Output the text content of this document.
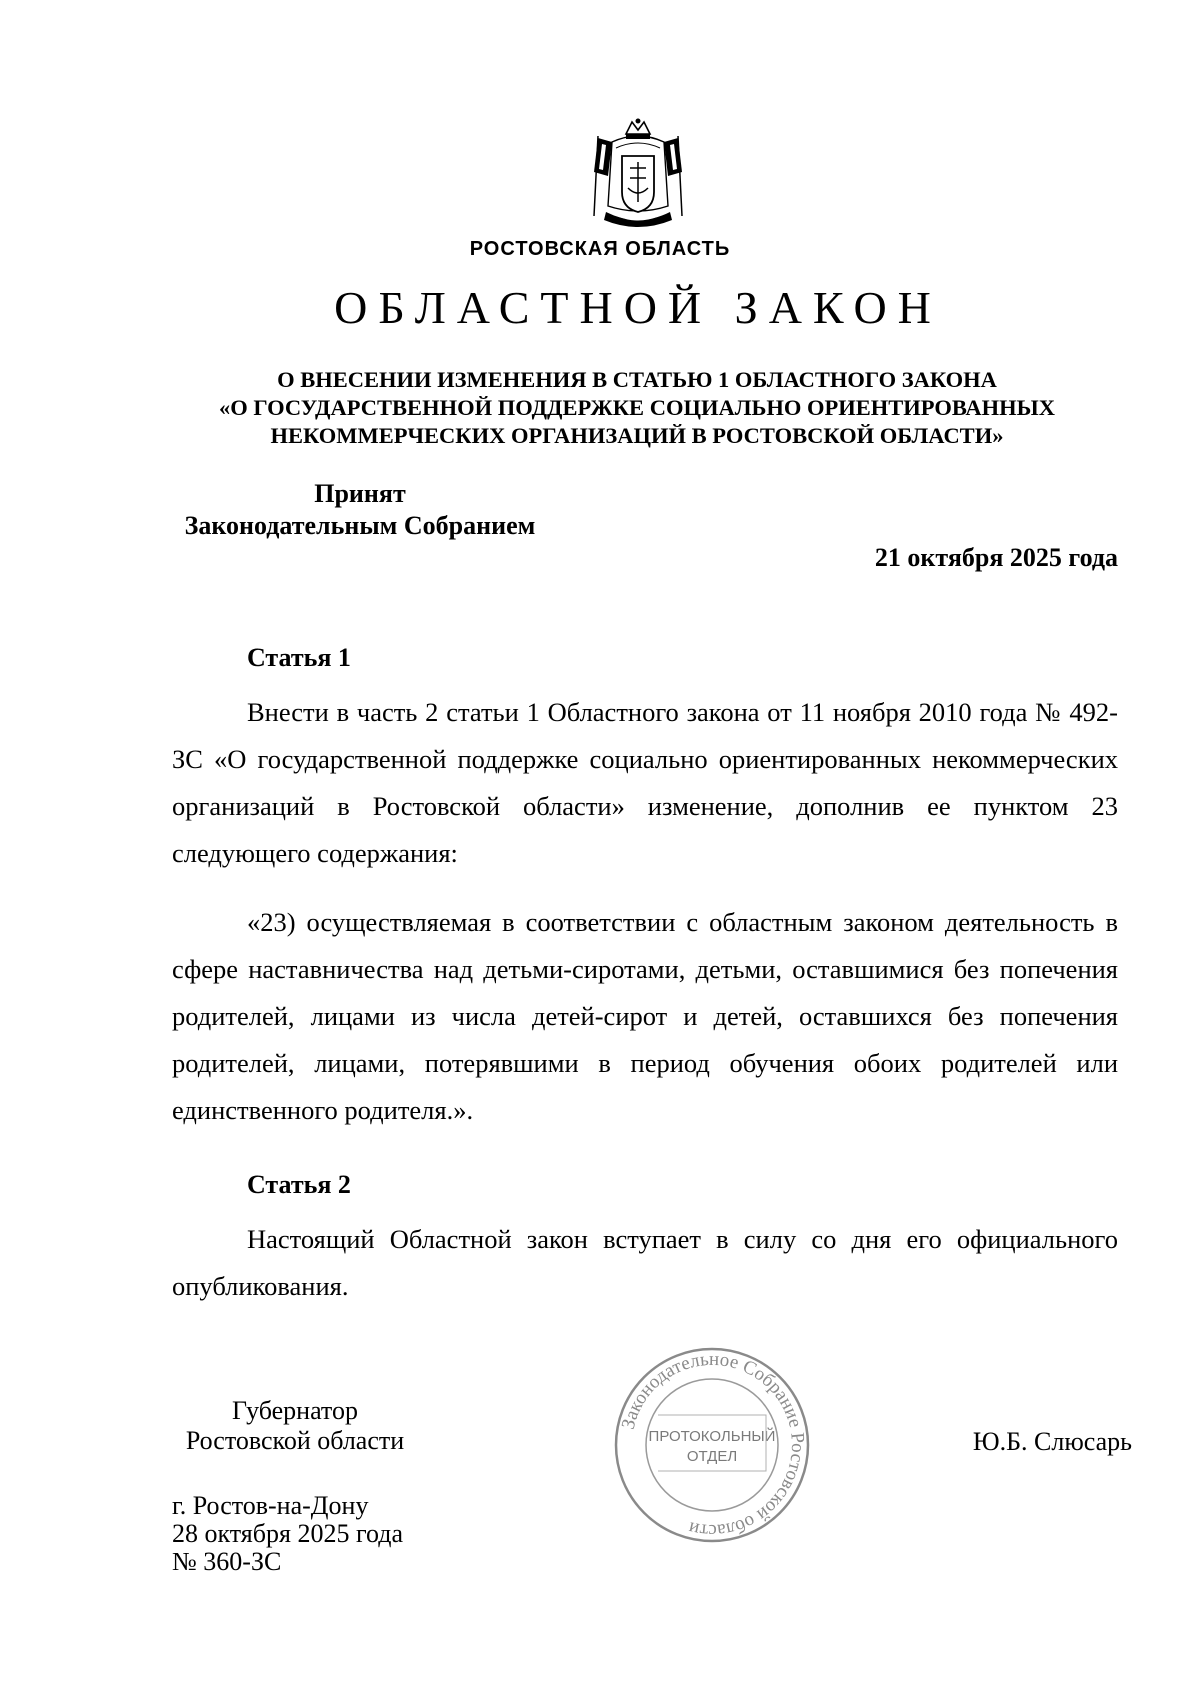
РОСТОВСКАЯ ОБЛАСТЬ
ОБЛАСТНОЙ ЗАКОН
О ВНЕСЕНИИ ИЗМЕНЕНИЯ В СТАТЬЮ 1 ОБЛАСТНОГО ЗАКОНА
«О ГОСУДАРСТВЕННОЙ ПОДДЕРЖКЕ СОЦИАЛЬНО ОРИЕНТИРОВАННЫХ
НЕКОММЕРЧЕСКИХ ОРГАНИЗАЦИЙ В РОСТОВСКОЙ ОБЛАСТИ»
Принят
Законодательным Собранием
21 октября 2025 года
Статья 1
Внести в часть 2 статьи 1 Областного закона от 11 ноября 2010 года № 492-ЗС «О государственной поддержке социально ориентированных некоммерческих организаций в Ростовской области» изменение, дополнив ее пунктом 23 следующего содержания:
«23) осуществляемая в соответствии с областным законом деятельность в сфере наставничества над детьми-сиротами, детьми, оставшимися без попечения родителей, лицами из числа детей-сирот и детей, оставшихся без попечения родителей, лицами, потерявшими в период обучения обоих родителей или единственного родителя.».
Статья 2
Настоящий Областной закон вступает в силу со дня его официального опубликования.
Губернатор
Ростовской области	Ю.Б. Слюсарь
Законодательное Собрание Ростовской области
ПРОТОКОЛЬНЫЙ
ОТДЕЛ
г. Ростов-на-Дону
28 октября 2025 года
№ 360-ЗС
